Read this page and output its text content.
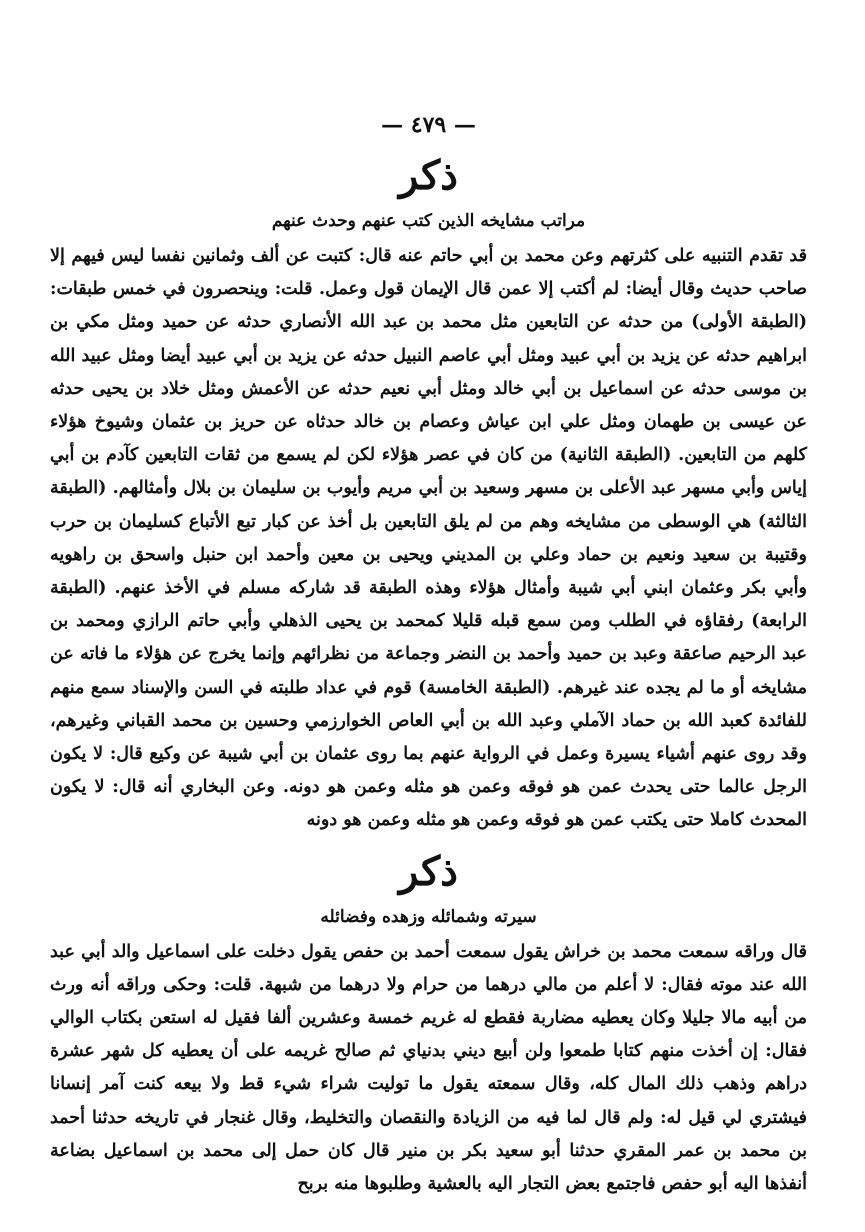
— ٤٧٩ —
ذكر
مراتب مشايخه الذين كتب عنهم وحدث عنهم

قد تقدم التنبيه على كثرتهم وعن محمد بن أبي حاتم عنه قال: كتبت عن ألف وثمانين نفسا ليس فيهم إلا صاحب حديث وقال أيضا: لم أكتب إلا عمن قال الإيمان قول وعمل. قلت: وينحصرون في خمس طبقات: (الطبقة الأولى) من حدثه عن التابعين مثل محمد بن عبد الله الأنصاري حدثه عن حميد ومثل مكي بن ابراهيم حدثه عن يزيد بن أبي عبيد ومثل أبي عاصم النبيل حدثه عن يزيد بن أبي عبيد أيضا ومثل عبيد الله بن موسى حدثه عن اسماعيل بن أبي خالد ومثل أبي نعيم حدثه عن الأعمش ومثل خلاد بن يحيى حدثه عن عيسى بن طهمان ومثل علي ابن عياش وعصام بن خالد حدثاه عن حريز بن عثمان وشيوخ هؤلاء كلهم من التابعين. (الطبقة الثانية) من كان في عصر هؤلاء لكن لم يسمع من ثقات التابعين كآدم بن أبي إياس وأبي مسهر عبد الأعلى بن مسهر وسعيد بن أبي مريم وأيوب بن سليمان بن بلال وأمثالهم. (الطبقة الثالثة) هي الوسطى من مشايخه وهم من لم يلق التابعين بل أخذ عن كبار تبع الأتباع كسليمان بن حرب وقتيبة بن سعيد ونعيم بن حماد وعلي بن المديني ويحيى بن معين وأحمد ابن حنبل واسحق بن راهويه وأبي بكر وعثمان ابني أبي شيبة وأمثال هؤلاء وهذه الطبقة قد شاركه مسلم في الأخذ عنهم. (الطبقة الرابعة) رفقاؤه في الطلب ومن سمع قبله قليلا كمحمد بن يحيى الذهلي وأبي حاتم الرازي ومحمد بن عبد الرحيم صاعقة وعبد بن حميد وأحمد بن النضر وجماعة من نظرائهم وإنما يخرج عن هؤلاء ما فاته عن مشايخه أو ما لم يجده عند غيرهم. (الطبقة الخامسة) قوم في عداد طلبته في السن والإسناد سمع منهم للفائدة كعبد الله بن حماد الآملي وعبد الله بن أبي العاص الخوارزمي وحسين بن محمد القباني وغيرهم، وقد روى عنهم أشياء يسيرة وعمل في الرواية عنهم بما روى عثمان بن أبي شيبة عن وكيع قال: لا يكون الرجل عالما حتى يحدث عمن هو فوقه وعمن هو مثله وعمن هو دونه. وعن البخاري أنه قال: لا يكون المحدث كاملا حتى يكتب عمن هو فوقه وعمن هو مثله وعمن هو دونه

ذكر
سيرته وشمائله وزهده وفضائله

قال وراقه سمعت محمد بن خراش يقول سمعت أحمد بن حفص يقول دخلت على اسماعيل والد أبي عبد الله عند موته فقال: لا أعلم من مالي درهما من حرام ولا درهما من شبهة. قلت: وحكى وراقه أنه ورث من أبيه مالا جليلا وكان يعطيه مضاربة فقطع له غريم خمسة وعشرين ألفا فقيل له استعن بكتاب الوالي فقال: إن أخذت منهم كتابا طمعوا ولن أبيع ديني بدنياي ثم صالح غريمه على أن يعطيه كل شهر عشرة دراهم وذهب ذلك المال كله، وقال سمعته يقول ما توليت شراء شيء قط ولا بيعه كنت آمر إنسانا فيشتري لي قيل له: ولم قال لما فيه من الزيادة والنقصان والتخليط، وقال غنجار في تاريخه حدثنا أحمد بن محمد بن عمر المقري حدثنا أبو سعيد بكر بن منير قال كان حمل إلى محمد بن اسماعيل بضاعة أنفذها اليه أبو حفص فاجتمع بعض التجار اليه بالعشية وطلبوها منه بربح
